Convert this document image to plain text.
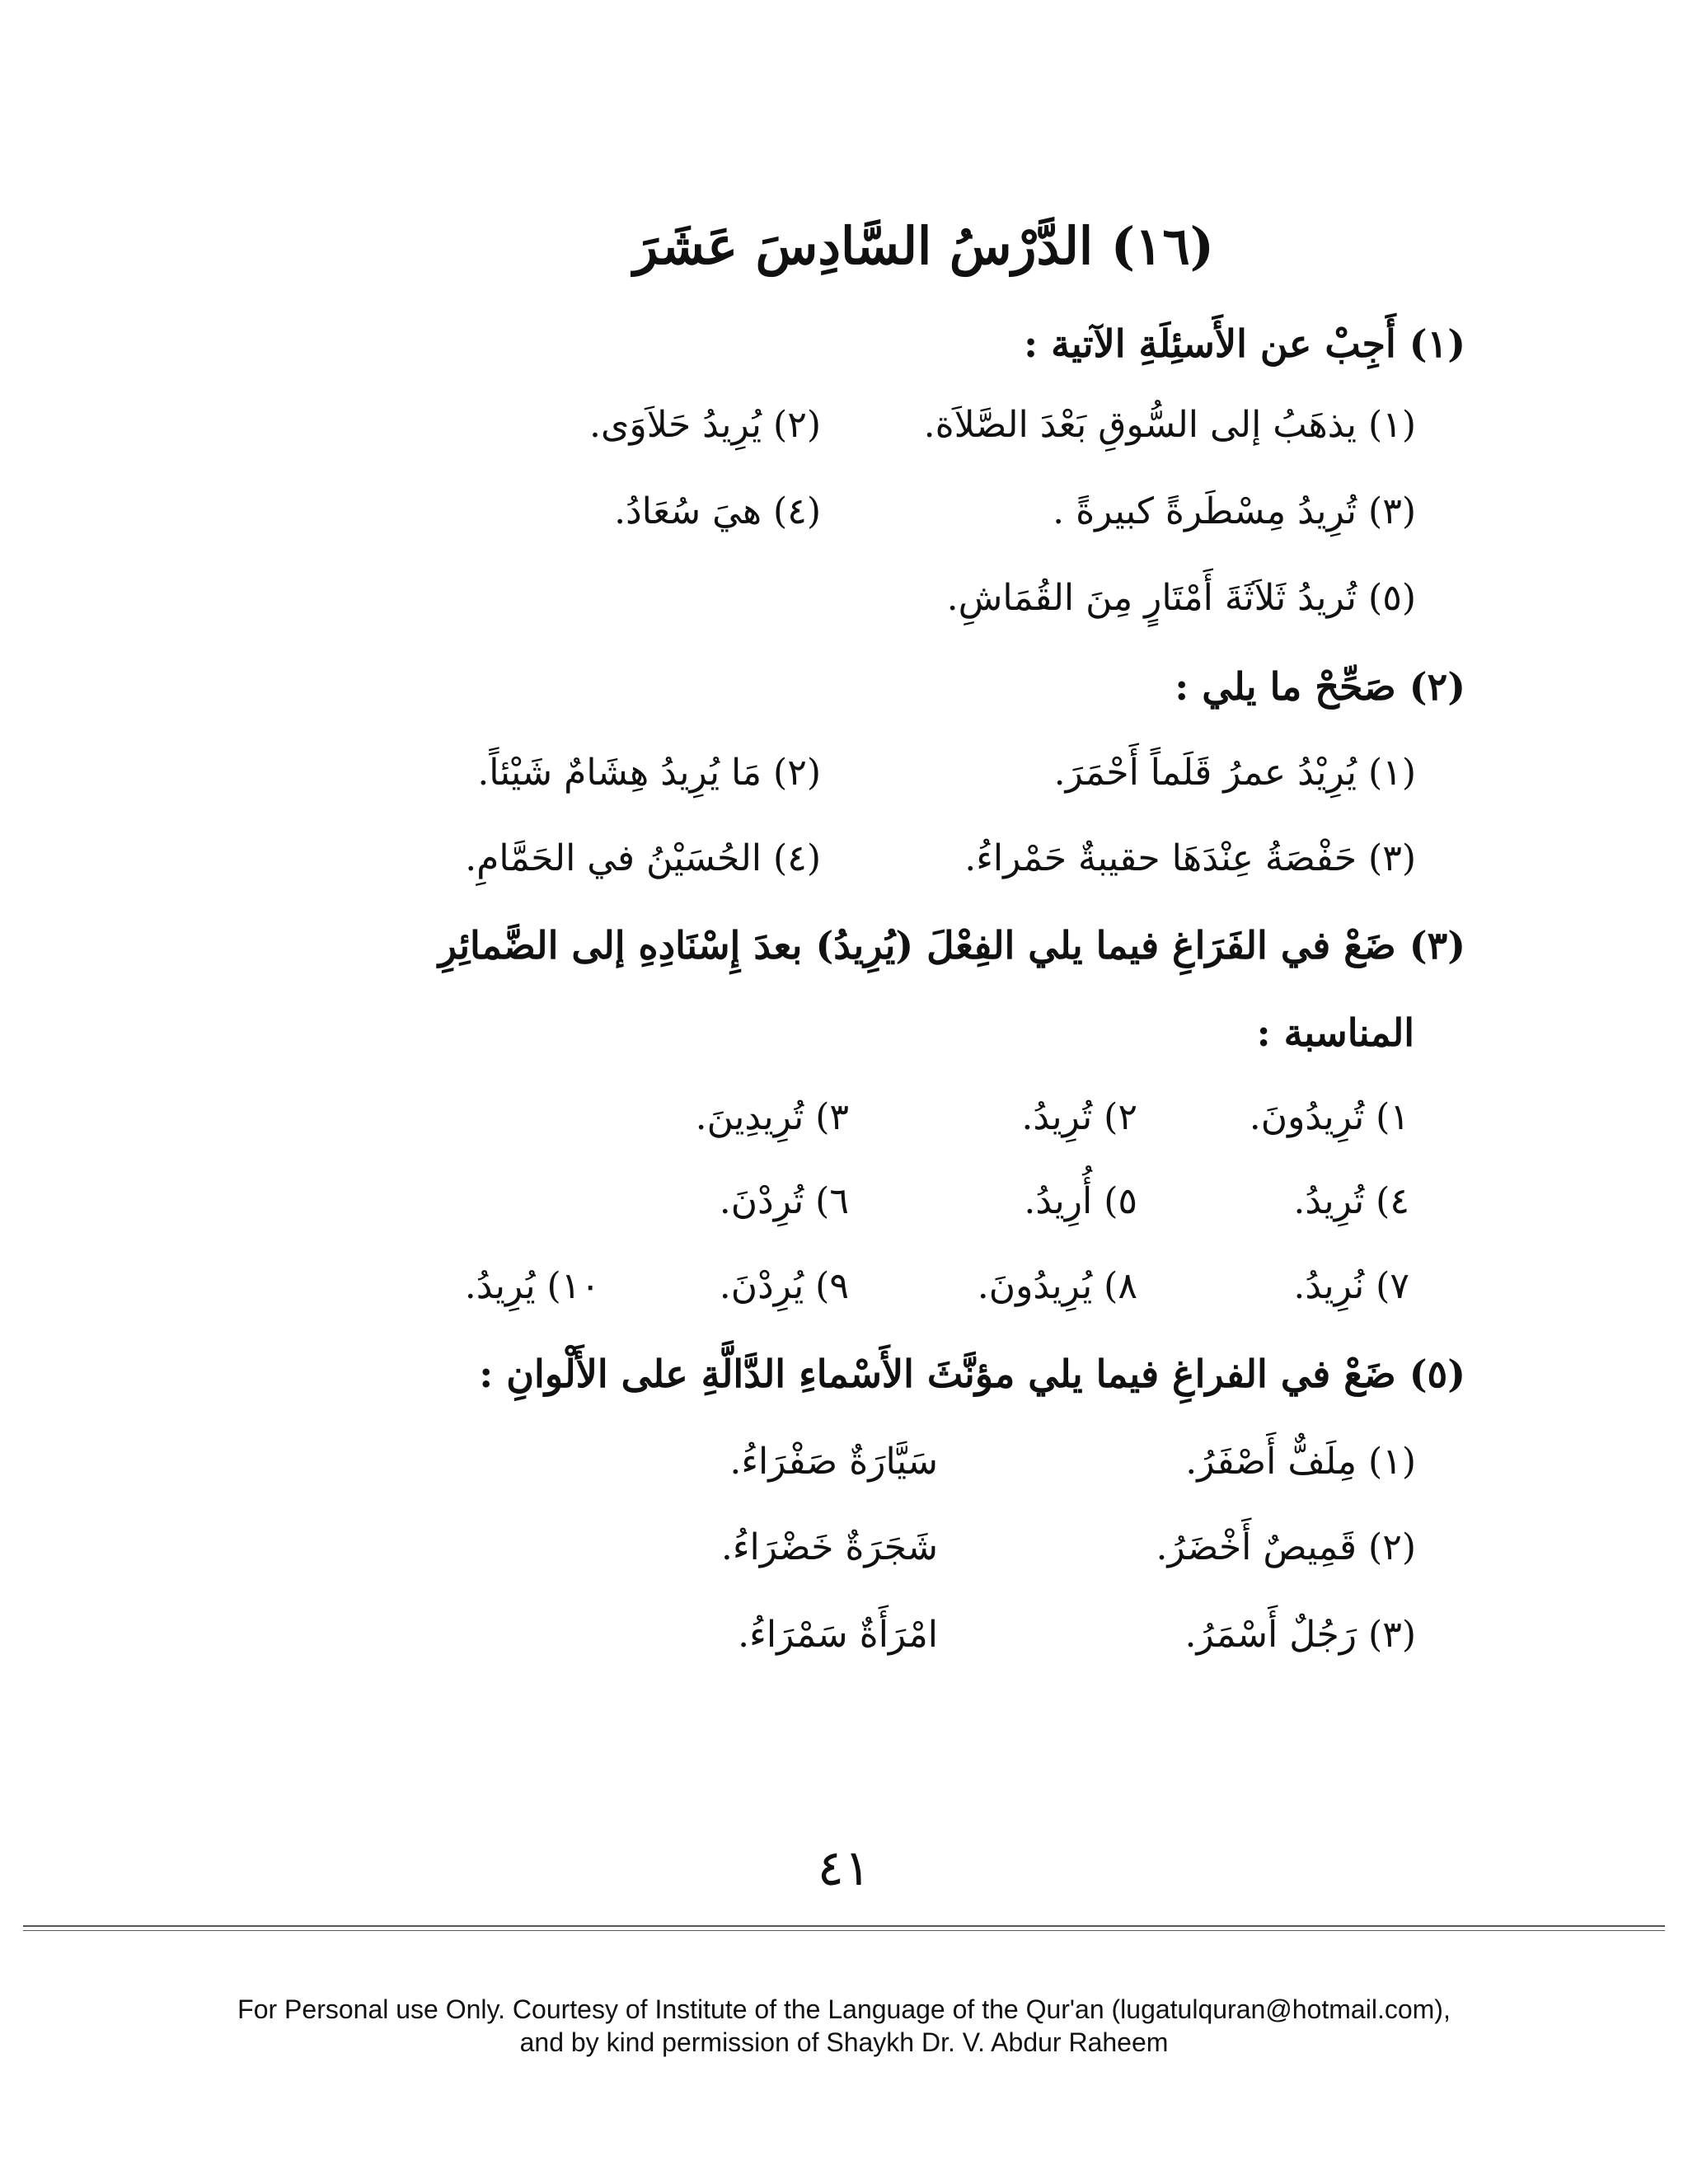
(١٦) الدَّرْسُ السَّادِسَ عَشَرَ
(١) أَجِبْ عن الأَسئِلَةِ الآتية :
(١) يذهَبُ إلى السُّوقِ بَعْدَ الصَّلاَة.
(٢) يُرِيدُ حَلاَوَى.
(٣) تُرِيدُ مِسْطَرةً كبيرةً .
(٤) هيَ سُعَادُ.
(٥) تُريدُ ثَلاَثَةَ أَمْتَارٍ مِنَ القُمَاشِ.
(٢) صَحِّحْ ما يلي :
(١) يُرِيْدُ عمرُ قَلَماً أَحْمَرَ.
(٢) مَا يُرِيدُ هِشَامٌ شَيْئاً.
(٣) حَفْصَةُ عِنْدَهَا حقيبةٌ حَمْراءُ.
(٤) الحُسَيْنُ في الحَمَّامِ.
(٣) ضَعْ في الفَرَاغِ فيما يلي الفِعْلَ (يُرِيدُ) بعدَ إِسْنَادِهِ إلى الضَّمائِرِ
المناسبة :
١) تُرِيدُونَ.
٢) تُرِيدُ.
٣) تُرِيدِينَ.
٤) تُرِيدُ.
٥) أُرِيدُ.
٦) تُرِدْنَ.
٧) نُرِيدُ.
٨) يُرِيدُونَ.
٩) يُرِدْنَ.
١٠) يُرِيدُ.
(٥) ضَعْ في الفراغِ فيما يلي مؤنَّثَ الأَسْماءِ الدَّالَّةِ على الأَلْوانِ :
(١) مِلَفٌّ أَصْفَرُ.
سَيَّارَةٌ صَفْرَاءُ.
(٢) قَمِيصٌ أَخْضَرُ.
شَجَرَةٌ خَضْرَاءُ.
(٣) رَجُلٌ أَسْمَرُ.
امْرَأَةٌ سَمْرَاءُ.
٤١
For Personal use Only. Courtesy of Institute of the Language of the Qur'an (lugatulquran@hotmail.com),
and by kind permission of Shaykh Dr. V. Abdur Raheem
